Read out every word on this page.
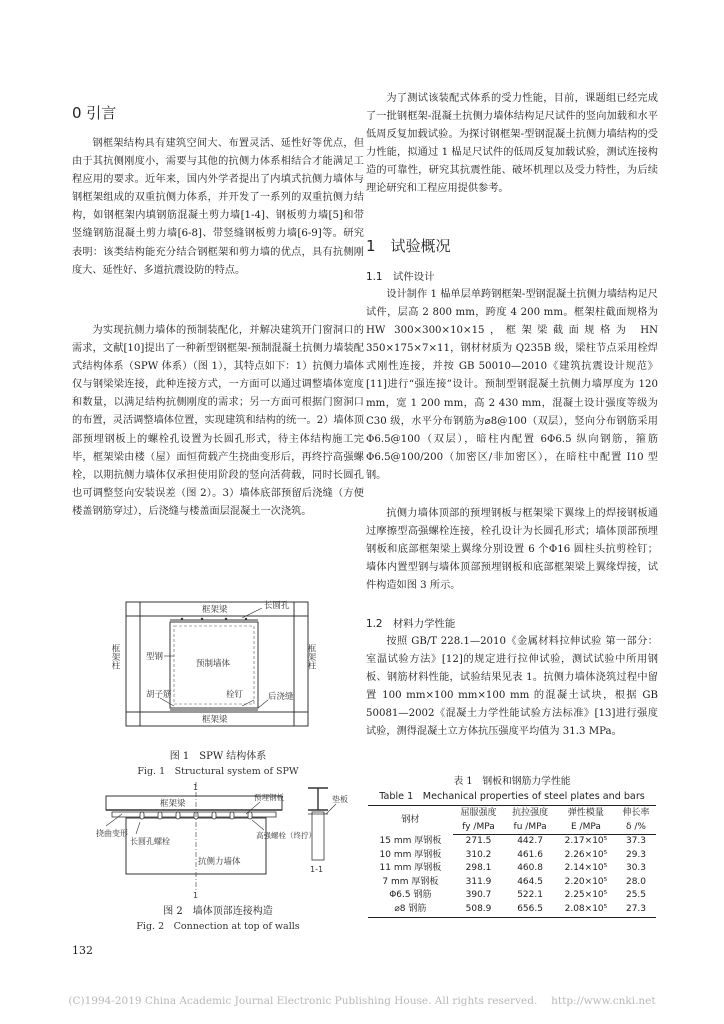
0 引言

钢框架结构具有建筑空间大、布置灵活、延性好等优点，但由于其抗侧刚度小，需要与其他的抗侧力体系相结合才能满足工程应用的要求。近年来，国内外学者提出了内填式抗侧力墙体与钢框架组成的双重抗侧力体系，并开发了一系列的双重抗侧力结构，如钢框架内填钢筋混凝土剪力墙[1-4]、钢板剪力墙[5]和带竖缝钢筋混凝土剪力墙[6-8]、带竖缝钢板剪力墙[6-9]等。研究表明：该类结构能充分结合钢框架和剪力墙的优点，具有抗侧刚度大、延性好、多道抗震设防的特点。

为实现抗侧力墙体的预制装配化，并解决建筑开门窗洞口的需求，文献[10]提出了一种新型钢框架-预制混凝土抗侧力墙装配式结构体系（SPW 体系）（图 1），其特点如下：1）抗侧力墙体仅与钢梁梁连接，此种连接方式，一方面可以通过调整墙体宽度和数量，以满足结构抗侧刚度的需求；另一方面可根据门窗洞口的布置，灵活调整墙体位置，实现建筑和结构的统一。2）墙体顶部预埋钢板上的螺栓孔设置为长圆孔形式，待主体结构施工完毕，框架梁由楼（屋）面恒荷载产生挠曲变形后，再终拧高强螺栓，以期抗侧力墙体仅承担使用阶段的竖向活荷载，同时长圆孔也可调整竖向安装误差（图 2）。3）墙体底部预留后浇缝（方便楼盖钢筋穿过），后浇缝与楼盖面层混凝土一次浇筑。

框架梁	长圆孔
框架柱	框架柱
型钢
预制墙体
胡子筋	栓钉	后浇缝
框架梁
图 1　SPW 结构体系
Fig. 1　Structural system of SPW
1
框架梁
预埋钢板
高强螺栓（终拧）
挠曲变形
长圆孔螺栓
抗侧力墙体
垫板
1
1-1
图 2　墙体顶部连接构造
Fig. 2　Connection at top of walls

为了测试该装配式体系的受力性能，目前，课题组已经完成了一批钢框架-混凝土抗侧力墙体结构足尺试件的竖向加载和水平低周反复加载试验。为探讨钢框架-型钢混凝土抗侧力墙结构的受力性能，拟通过 1 榀足尺试件的低周反复加载试验，测试连接构造的可靠性，研究其抗震性能、破坏机理以及受力特性，为后续理论研究和工程应用提供参考。

1　试验概况
1.1　试件设计

设计制作 1 榀单层单跨钢框架-型钢混凝土抗侧力墙结构足尺试件，层高 2 800 mm，跨度 4 200 mm。框架柱截面规格为 HW 300×300×10×15，框架梁截面规格为 HN 350×175×7×11，钢材材质为 Q235B 级，梁柱节点采用栓焊式刚性连接，并按 GB 50010—2010《建筑抗震设计规范》[11]进行“强连接”设计。预制型钢混凝土抗侧力墙厚度为 120 mm，宽 1 200 mm，高 2 430 mm，混凝土设计强度等级为 C30 级，水平分布钢筋为⌀8@100（双层），竖向分布钢筋采用Φ6.5@100（双层），暗柱内配置 6Φ6.5 纵向钢筋，箍筋Φ6.5@100/200（加密区/非加密区），在暗柱中配置 I10 型钢。

抗侧力墙体顶部的预埋钢板与框架梁下翼缘上的焊接钢板通过摩擦型高强螺栓连接，栓孔设计为长圆孔形式；墙体顶部预埋钢板和底部框架梁上翼缘分别设置 6 个Φ16 圆柱头抗剪栓钉；墙体内置型钢与墙体顶部预埋钢板和底部框架梁上翼缘焊接，试件构造如图 3 所示。

1.2　材料力学性能

按照 GB/T 228.1—2010《金属材料拉伸试验 第一部分：室温试验方法》[12]的规定进行拉伸试验，测试试验中所用钢板、钢筋材料性能，试验结果见表 1。抗侧力墙体浇筑过程中留置 100 mm×100 mm×100 mm 的混凝土试块，根据 GB 50081—2002《混凝土力学性能试验方法标准》[13]进行强度试验，测得混凝土立方体抗压强度平均值为 31.3 MPa。

表 1　钢板和钢筋力学性能
Table 1　Mechanical properties of steel plates and bars
钢材	屈服强度	抗拉强度	弹性模量	伸长率
	fy /MPa	fu /MPa	E /MPa	δ /%
15 mm 厚钢板	271.5	442.7	2.17×10⁵	37.3
10 mm 厚钢板	310.2	461.6	2.26×10⁵	29.3
11 mm 厚钢板	298.1	460.8	2.14×10⁵	30.3
7 mm 厚钢板	311.9	464.5	2.20×10⁵	28.0
Φ6.5 钢筋	390.7	522.1	2.25×10⁵	25.5
⌀8 钢筋	508.9	656.5	2.08×10⁵	27.3
132
(C)1994-2019 China Academic Journal Electronic Publishing House. All rights reserved.　 http://www.cnki.net
